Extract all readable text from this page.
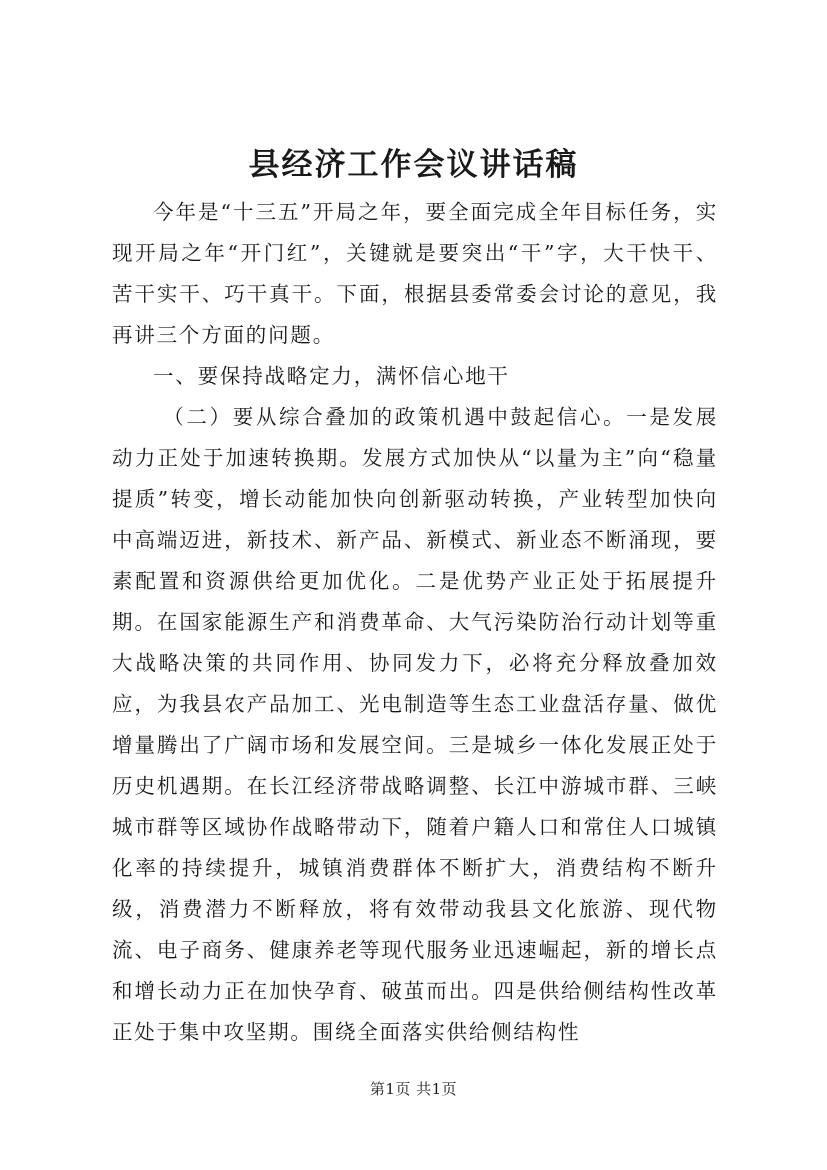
县经济工作会议讲话稿

今年是“十三五”开局之年，要全面完成全年目标任务，实现开局之年“开门红”，关键就是要突出“干”字，大干快干、苦干实干、巧干真干。下面，根据县委常委会讨论的意见，我再讲三个方面的问题。

一、要保持战略定力，满怀信心地干

（二）要从综合叠加的政策机遇中鼓起信心。一是发展动力正处于加速转换期。发展方式加快从“以量为主”向“稳量提质”转变，增长动能加快向创新驱动转换，产业转型加快向中高端迈进，新技术、新产品、新模式、新业态不断涌现，要素配置和资源供给更加优化。二是优势产业正处于拓展提升期。在国家能源生产和消费革命、大气污染防治行动计划等重大战略决策的共同作用、协同发力下，必将充分释放叠加效应，为我县农产品加工、光电制造等生态工业盘活存量、做优增量腾出了广阔市场和发展空间。三是城乡一体化发展正处于历史机遇期。在长江经济带战略调整、长江中游城市群、三峡城市群等区域协作战略带动下，随着户籍人口和常住人口城镇化率的持续提升，城镇消费群体不断扩大，消费结构不断升级，消费潜力不断释放，将有效带动我县文化旅游、现代物流、电子商务、健康养老等现代服务业迅速崛起，新的增长点和增长动力正在加快孕育、破茧而出。四是供给侧结构性改革正处于集中攻坚期。围绕全面落实供给侧结构性

第1页 共1页
